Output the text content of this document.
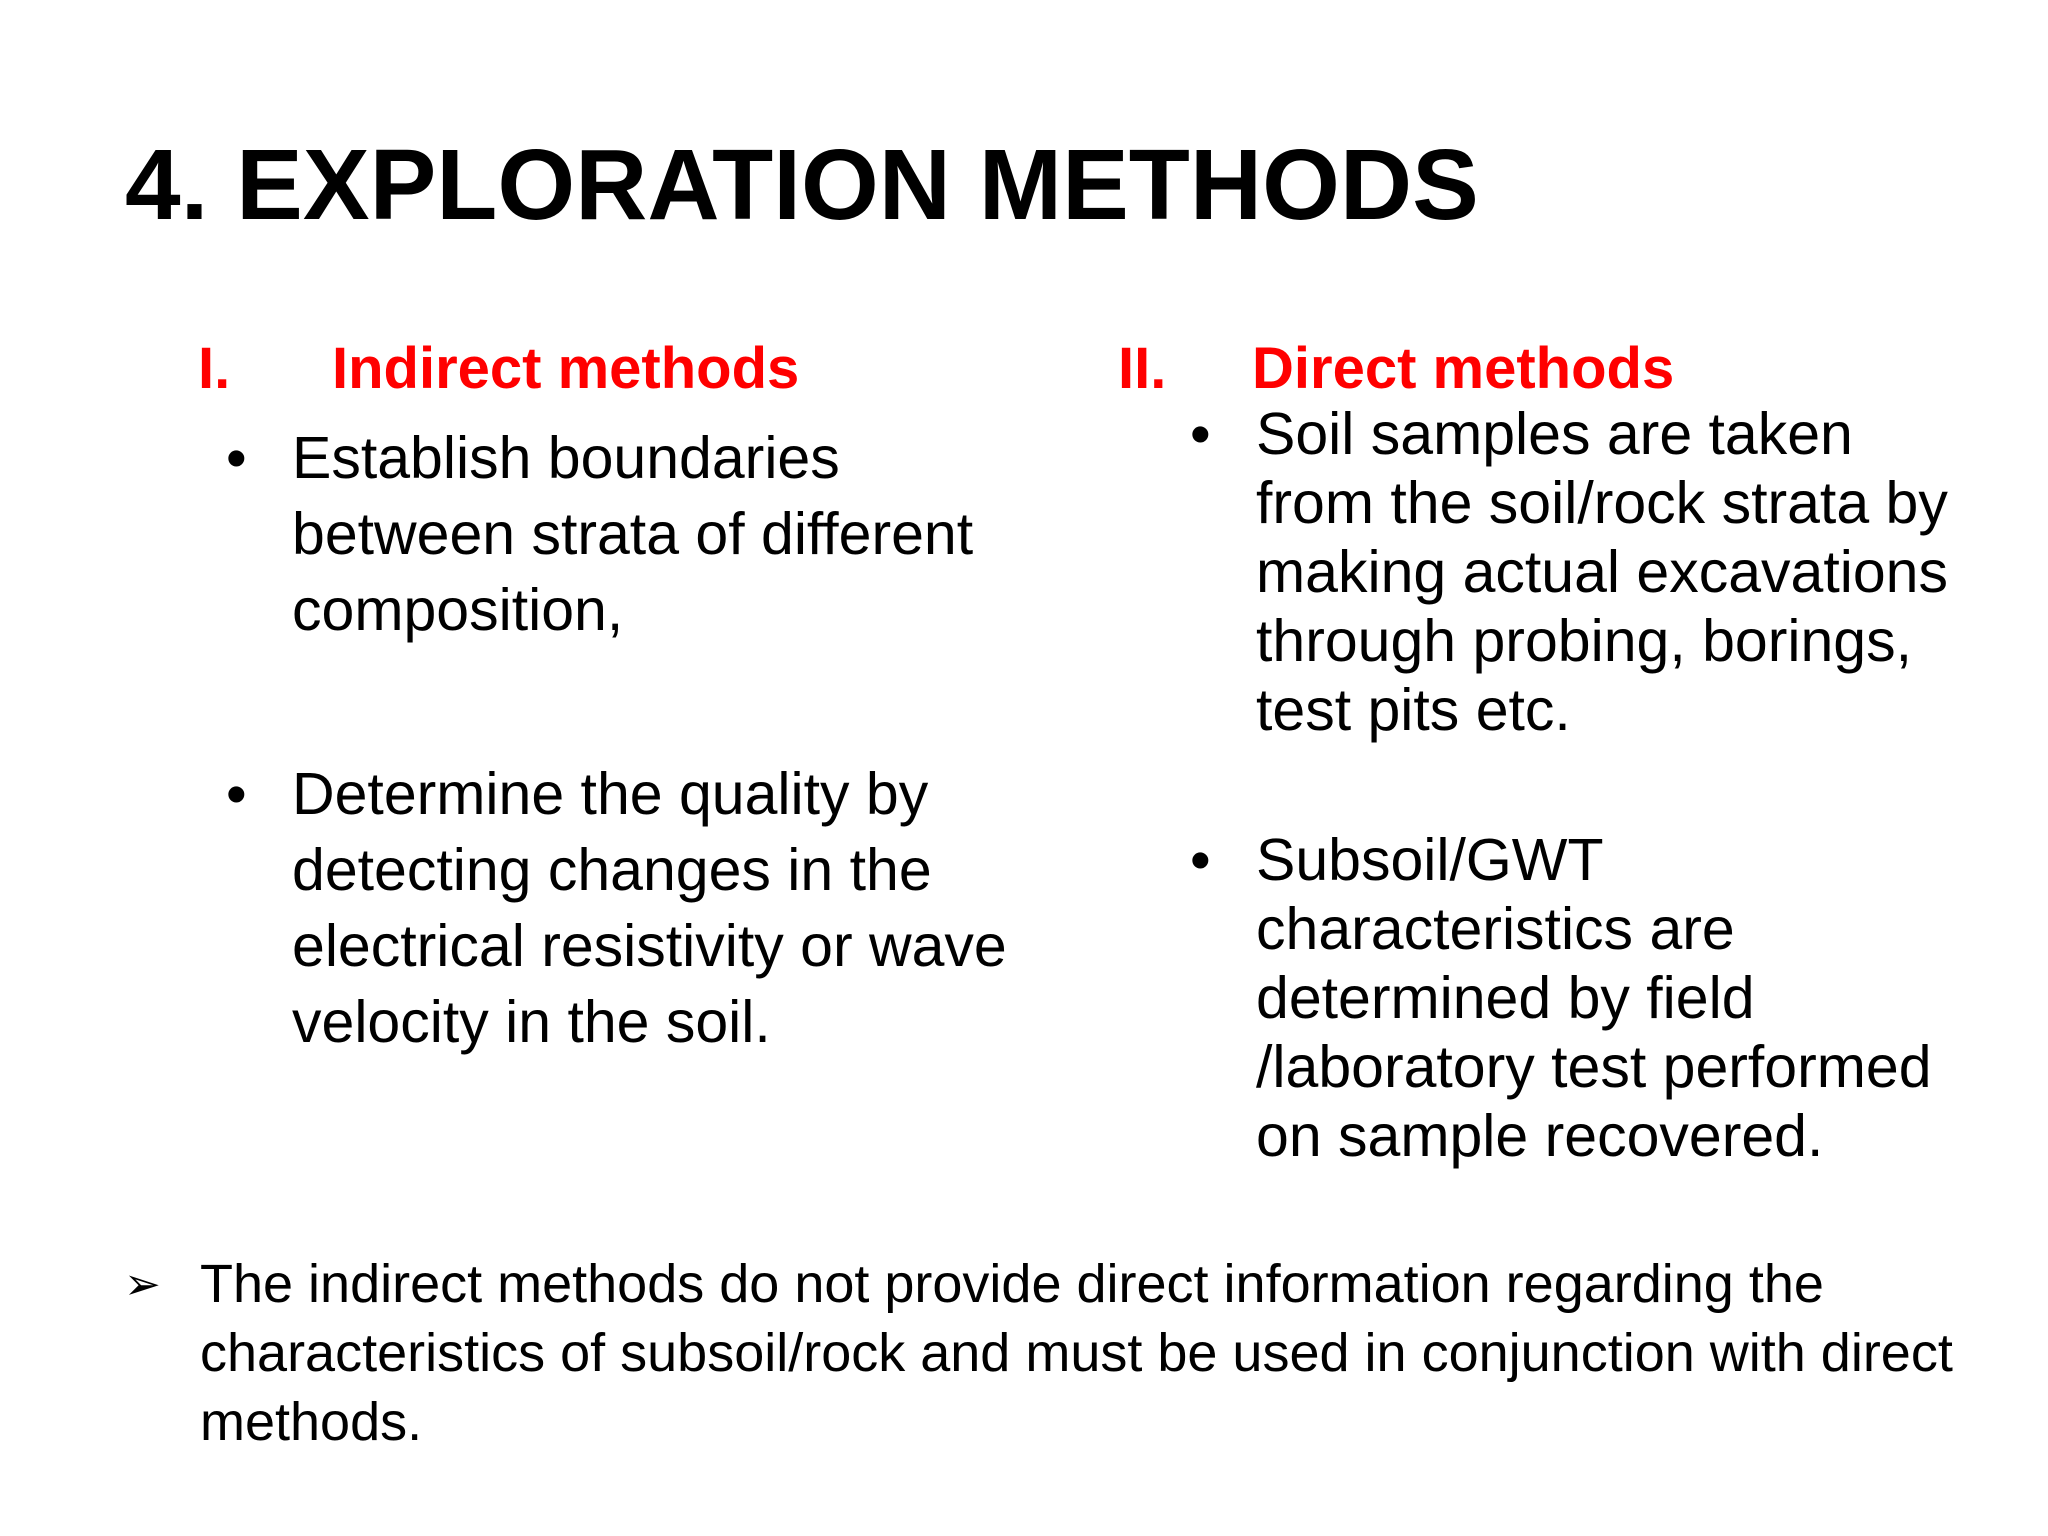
4. EXPLORATION METHODS
I. Indirect methods
• Establish boundaries between strata of different composition,
• Determine the quality by detecting changes in the electrical resistivity or wave velocity in the soil.
II. Direct methods
• Soil samples are taken from the soil/rock strata by making actual excavations through probing, borings, test pits etc.
• Subsoil/GWT characteristics are determined by field /laboratory test performed on sample recovered.
➢ The indirect methods do not provide direct information regarding the characteristics of subsoil/rock and must be used in conjunction with direct methods.
